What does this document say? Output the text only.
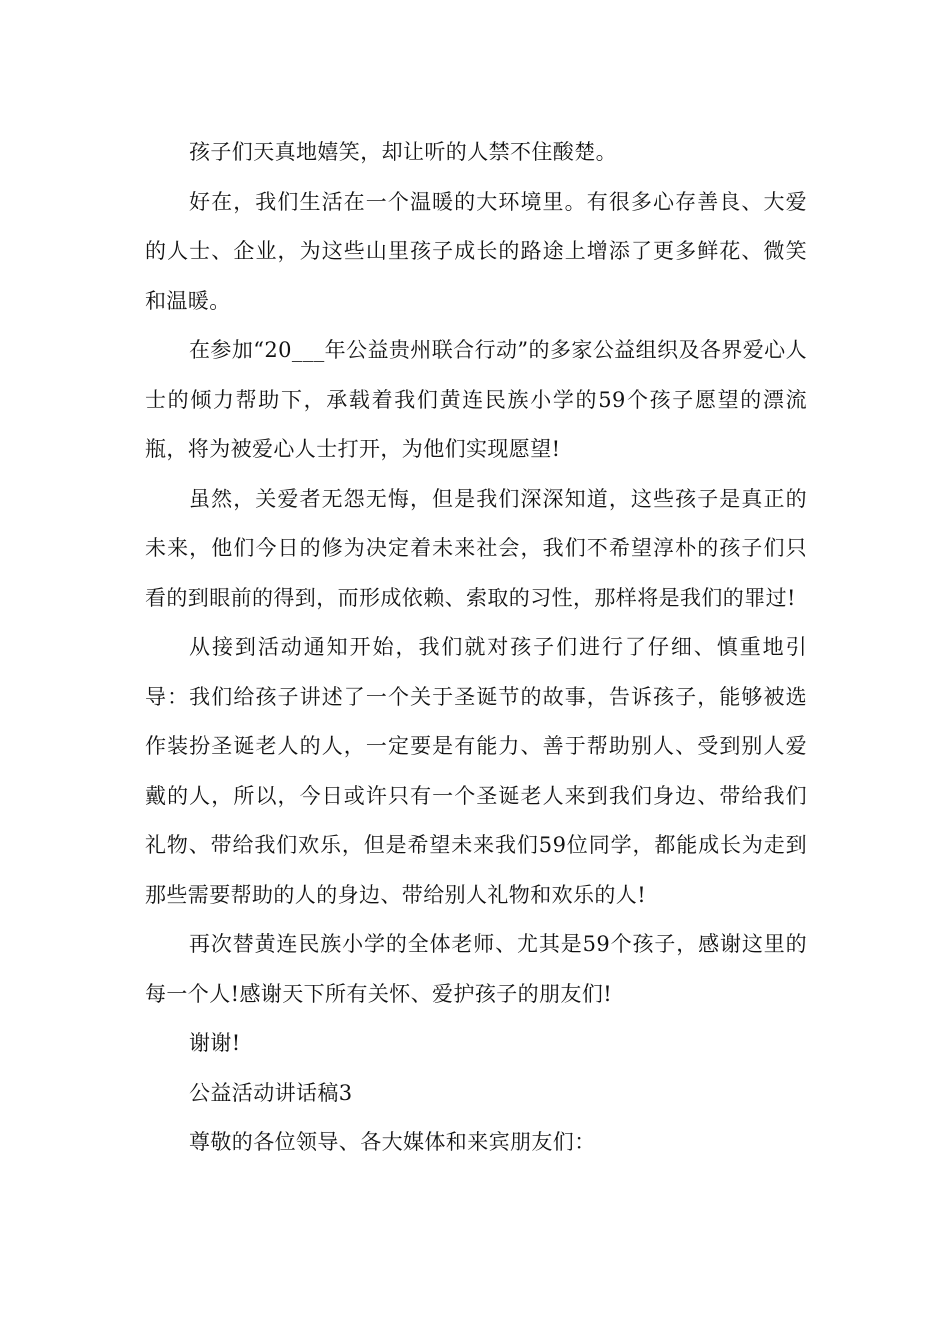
孩子们天真地嬉笑，却让听的人禁不住酸楚。

好在，我们生活在一个温暖的大环境里。有很多心存善良、大爱的人士、企业，为这些山里孩子成长的路途上增添了更多鲜花、微笑和温暖。

在参加“20___年公益贵州联合行动”的多家公益组织及各界爱心人士的倾力帮助下，承载着我们黄连民族小学的59个孩子愿望的漂流瓶，将为被爱心人士打开，为他们实现愿望!

虽然，关爱者无怨无悔，但是我们深深知道，这些孩子是真正的未来，他们今日的修为决定着未来社会，我们不希望淳朴的孩子们只看的到眼前的得到，而形成依赖、索取的习性，那样将是我们的罪过!

从接到活动通知开始，我们就对孩子们进行了仔细、慎重地引导：我们给孩子讲述了一个关于圣诞节的故事，告诉孩子，能够被选作装扮圣诞老人的人，一定要是有能力、善于帮助别人、受到别人爱戴的人，所以，今日或许只有一个圣诞老人来到我们身边、带给我们礼物、带给我们欢乐，但是希望未来我们59位同学，都能成长为走到那些需要帮助的人的身边、带给别人礼物和欢乐的人!

再次替黄连民族小学的全体老师、尤其是59个孩子，感谢这里的每一个人!感谢天下所有关怀、爱护孩子的朋友们!

谢谢!

公益活动讲话稿3

尊敬的各位领导、各大媒体和来宾朋友们：
